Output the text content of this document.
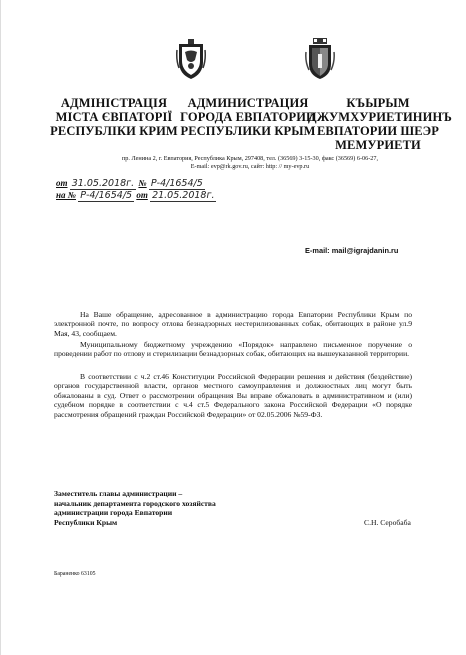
АДМІНІСТРАЦІЯ
МІСТА ЄВПАТОРІЇ
РЕСПУБЛІКИ КРИМ
АДМИНИСТРАЦИЯ
ГОРОДА ЕВПАТОРИИ
РЕСПУБЛИКИ КРЫМ
КЪЫРЫМ
ДЖУМХУРИЕТИНИНЪ
ЕВПАТОРИИ ШЕЭР
МЕМУРИЕТИ
пр. Ленина 2, г. Евпатория, Республика Крым, 297408, тел. (36569) 3-15-30, факс (36569) 6-06-27,
E-mail: evp@rk.gov.ru, сайт: http: // my-evp.ru
от 31.05.2018г. № Р-4/1654/5
на № Р-4/1654/5 от 21.05.2018г.
E-mail: mail@igrajdanin.ru

На Ваше обращение, адресованное в администрацию города Евпатории Республики Крым по электронной почте, по вопросу отлова безнадзорных нестерилизованных собак, обитающих в районе ул.9 Мая, 43, сообщаем.

Муниципальному бюджетному учреждению «Порядок» направлено письменное поручение о проведении работ по отлову и стерилизации безнадзорных собак, обитающих на вышеуказанной территории.

В соответствии с ч.2 ст.46 Конституции Российской Федерации решения и действия (бездействие) органов государственной власти, органов местного самоуправления и должностных лиц могут быть обжалованы в суд. Ответ о рассмотрении обращения Вы вправе обжаловать в административном и (или) судебном порядке в соответствии с ч.4 ст.5 Федерального закона Российской Федерации «О порядке рассмотрения обращений граждан Российской Федерации» от 02.05.2006 №59-ФЗ.

Заместитель главы администрации –
начальник департамента городского хозяйства
администрации города Евпатории
Республики Крым	С.Н. Серобаба
Бараненко 63105
